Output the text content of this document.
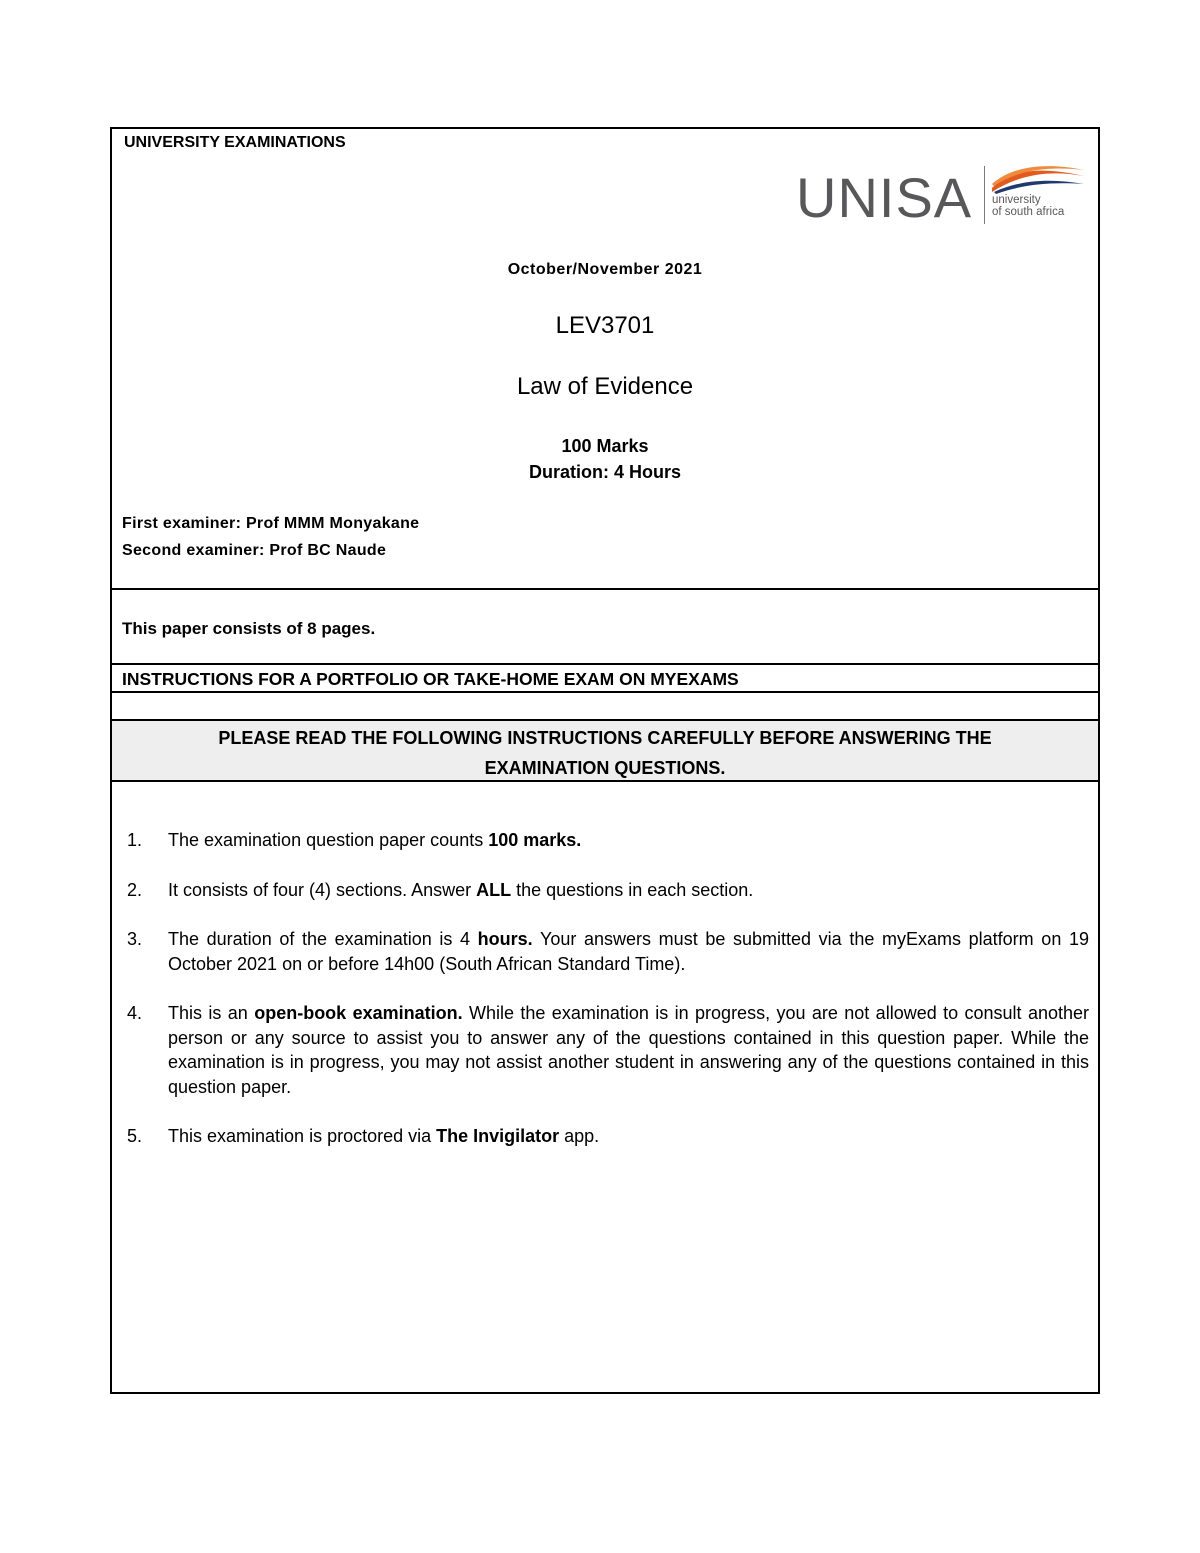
UNIVERSITY EXAMINATIONS
UNISA university
of south africa
October/November 2021
LEV3701
Law of Evidence
100 Marks
Duration: 4 Hours
First examiner: Prof MMM Monyakane
Second examiner: Prof BC Naude
This paper consists of 8 pages.
INSTRUCTIONS FOR A PORTFOLIO OR TAKE-HOME EXAM ON MYEXAMS
PLEASE READ THE FOLLOWING INSTRUCTIONS CAREFULLY BEFORE ANSWERING THE
EXAMINATION QUESTIONS.
1. The examination question paper counts 100 marks.
2. It consists of four (4) sections. Answer ALL the questions in each section.
3. The duration of the examination is 4 hours. Your answers must be submitted via the myExams platform on 19 October 2021 on or before 14h00 (South African Standard Time).
4. This is an open-book examination. While the examination is in progress, you are not allowed to consult another person or any source to assist you to answer any of the questions contained in this question paper. While the examination is in progress, you may not assist another student in answering any of the questions contained in this question paper.
5. This examination is proctored via The Invigilator app.
